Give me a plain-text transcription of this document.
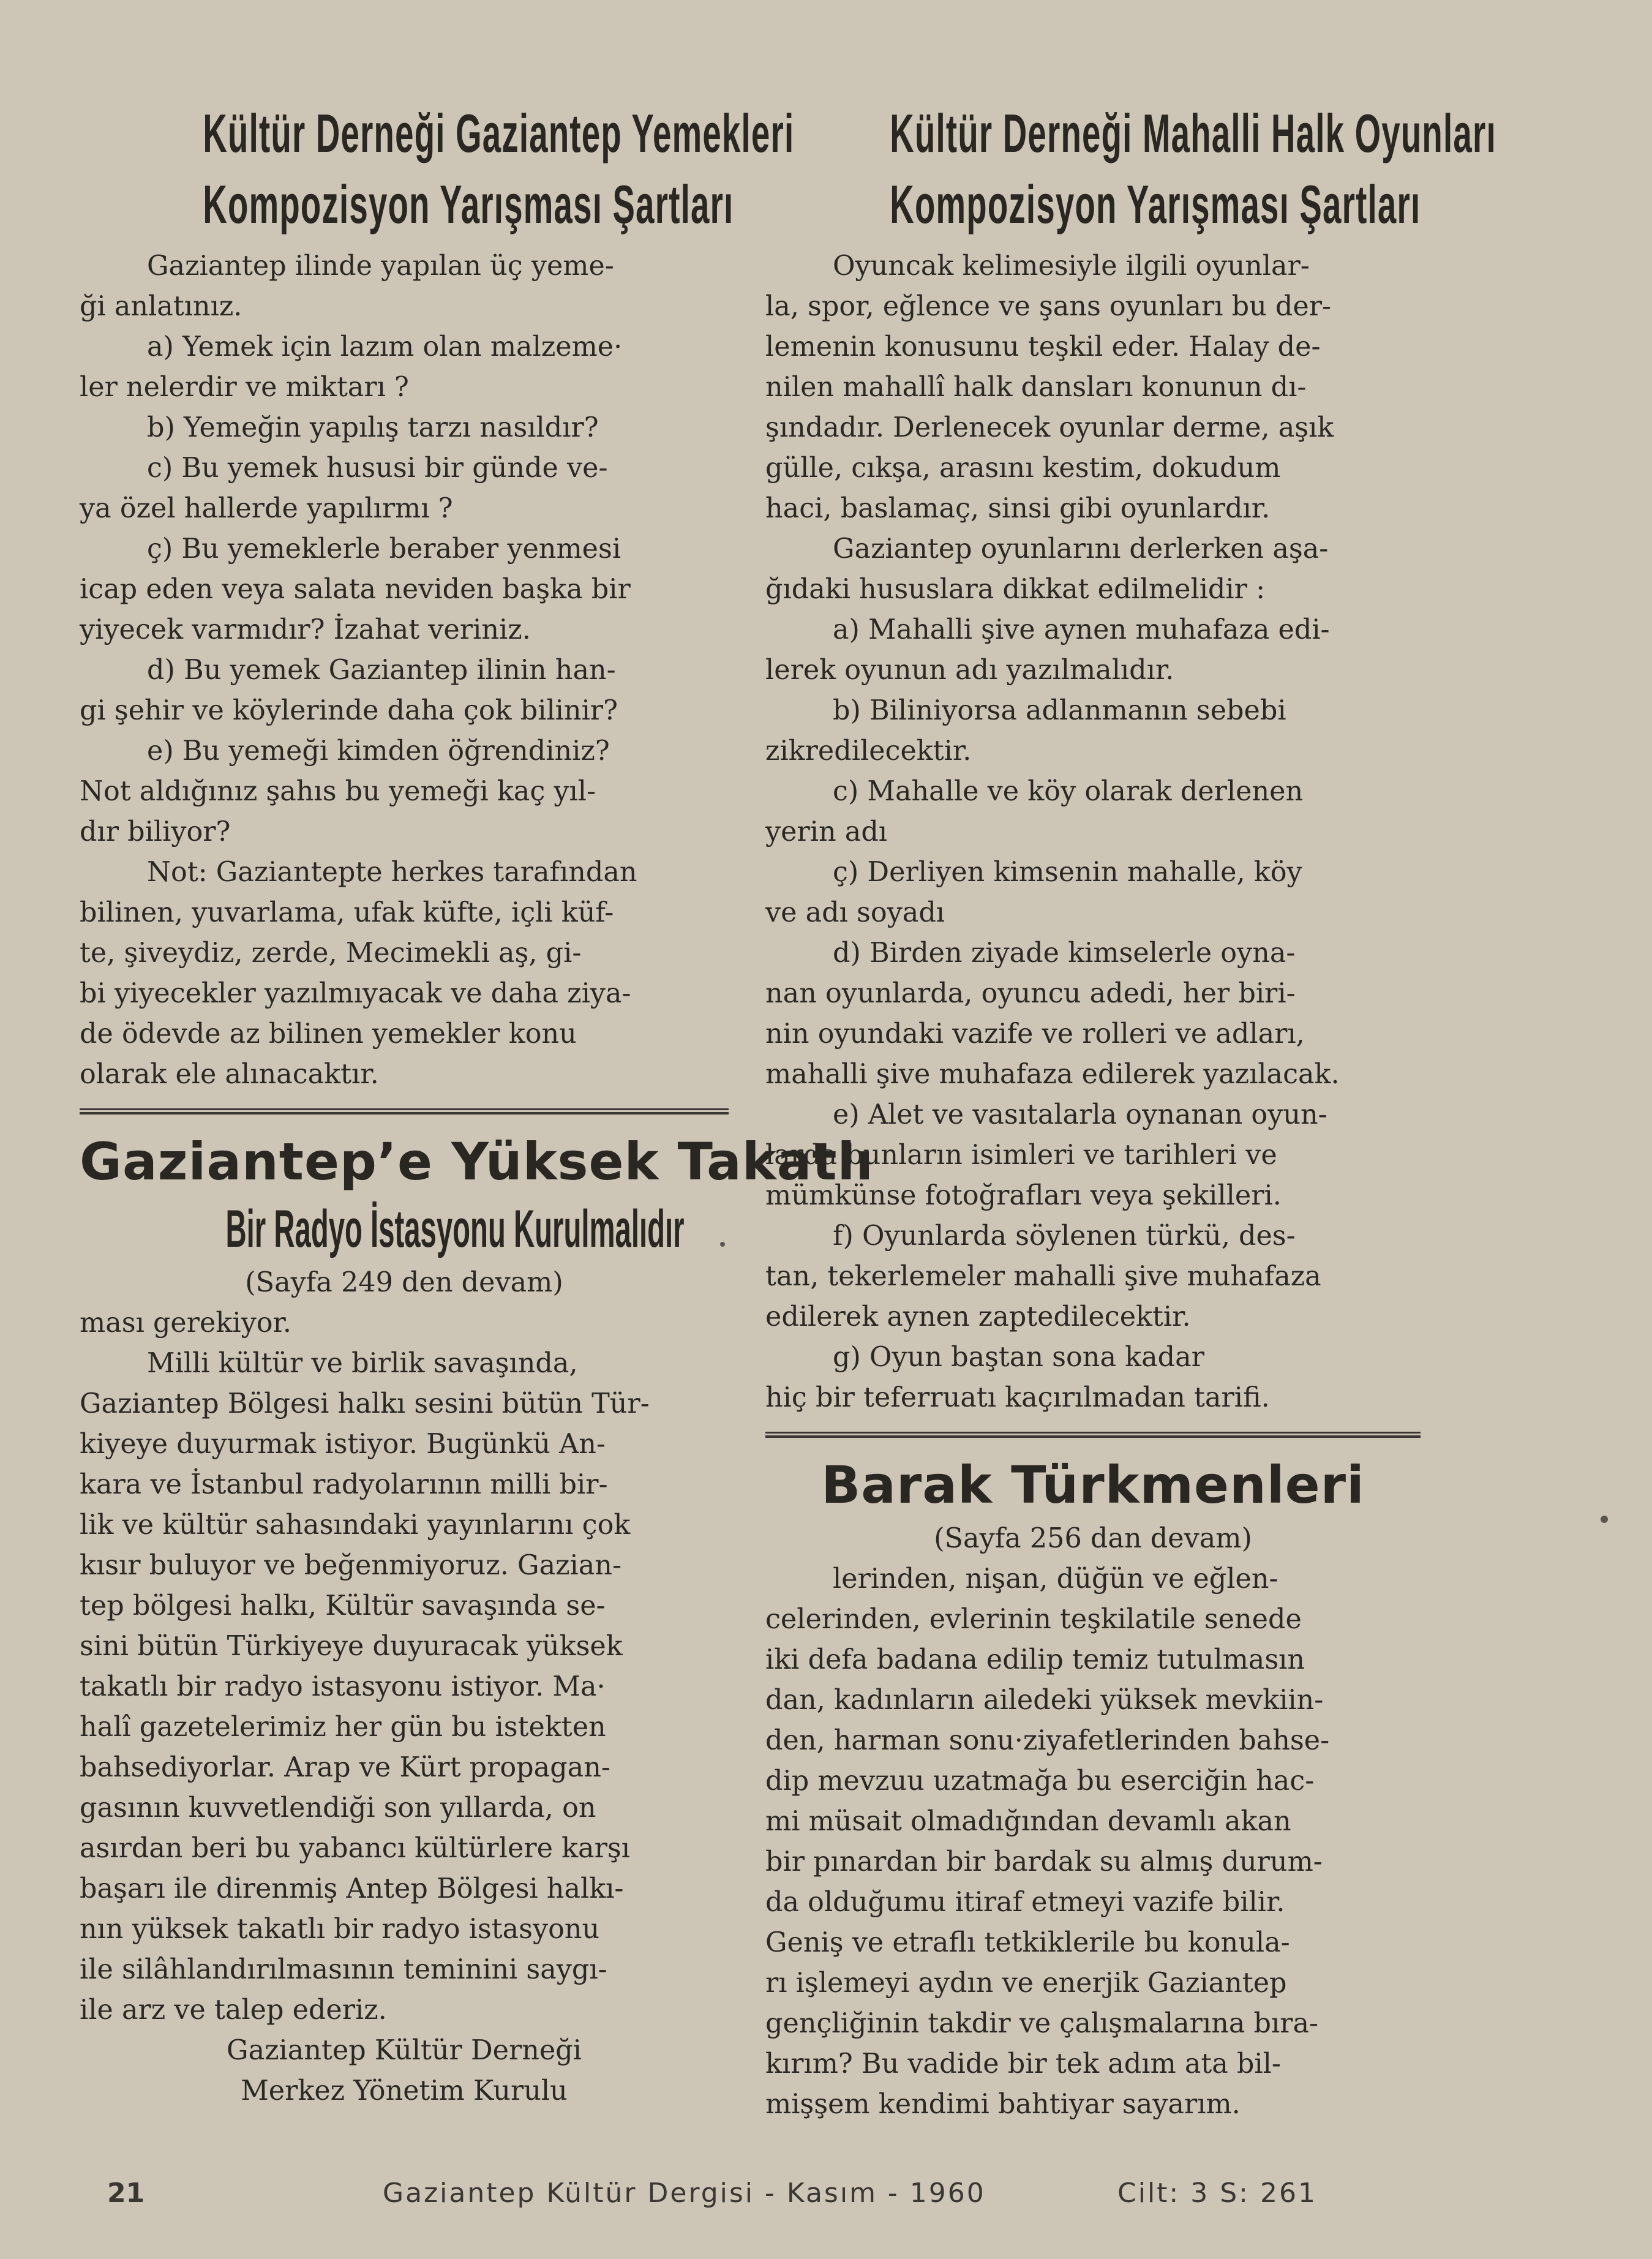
Kültür Derneği Gaziantep Yemekleri
Kompozisyon Yarışması Şartları

Gaziantep ilinde yapılan üç yeme-

ği anlatınız.

a) Yemek için lazım olan malzeme·

ler nelerdir ve miktarı ?

b) Yemeğin yapılış tarzı nasıldır?

c) Bu yemek hususi bir günde ve-

ya özel hallerde yapılırmı ?

ç) Bu yemeklerle beraber yenmesi

icap eden veya salata neviden başka bir

yiyecek varmıdır? İzahat veriniz.

d) Bu yemek Gaziantep ilinin han-

gi şehir ve köylerinde daha çok bilinir?

e) Bu yemeği kimden öğrendiniz?

Not aldığınız şahıs bu yemeği kaç yıl-

dır biliyor?

Not: Gaziantepte herkes tarafından

bilinen, yuvarlama, ufak küfte, içli küf-

te, şiveydiz, zerde, Mecimekli aş, gi-

bi yiyecekler yazılmıyacak ve daha ziya-

de ödevde az bilinen yemekler konu

olarak ele alınacaktır.

Gaziantep’e Yüksek Takatlı
Bir Radyo İstasyonu Kurulmalıdır
(Sayfa 249 den devam)

ması gerekiyor.

Milli kültür ve birlik savaşında,

Gaziantep Bölgesi halkı sesini bütün Tür-

kiyeye duyurmak istiyor. Bugünkü An-

kara ve İstanbul radyolarının milli bir-

lik ve kültür sahasındaki yayınlarını çok

kısır buluyor ve beğenmiyoruz. Gazian-

tep bölgesi halkı, Kültür savaşında se-

sini bütün Türkiyeye duyuracak yüksek

takatlı bir radyo istasyonu istiyor. Ma·

halî gazetelerimiz her gün bu istekten

bahsediyorlar. Arap ve Kürt propagan-

gasının kuvvetlendiği son yıllarda, on

asırdan beri bu yabancı kültürlere karşı

başarı ile direnmiş Antep Bölgesi halkı-

nın yüksek takatlı bir radyo istasyonu

ile silâhlandırılmasının teminini saygı-

ile arz ve talep ederiz.

Gaziantep Kültür Derneği

Merkez Yönetim Kurulu

Kültür Derneği Mahalli Halk Oyunları
Kompozisyon Yarışması Şartları

Oyuncak kelimesiyle ilgili oyunlar-

la, spor, eğlence ve şans oyunları bu der-

lemenin konusunu teşkil eder. Halay de-

nilen mahallî halk dansları konunun dı-

şındadır. Derlenecek oyunlar derme, aşık

gülle, cıkşa, arasını kestim, dokudum

haci, baslamaç, sinsi gibi oyunlardır.

Gaziantep oyunlarını derlerken aşa-

ğıdaki hususlara dikkat edilmelidir :

a) Mahalli şive aynen muhafaza edi-

lerek oyunun adı yazılmalıdır.

b) Biliniyorsa adlanmanın sebebi

zikredilecektir.

c) Mahalle ve köy olarak derlenen

yerin adı

ç) Derliyen kimsenin mahalle, köy

ve adı soyadı

d) Birden ziyade kimselerle oyna-

nan oyunlarda, oyuncu adedi, her biri-

nin oyundaki vazife ve rolleri ve adları,

mahalli şive muhafaza edilerek yazılacak.

e) Alet ve vasıtalarla oynanan oyun-

larda bunların isimleri ve tarihleri ve

mümkünse fotoğrafları veya şekilleri.

f) Oyunlarda söylenen türkü, des-

tan, tekerlemeler mahalli şive muhafaza

edilerek aynen zaptedilecektir.

g) Oyun baştan sona kadar

hiç bir teferruatı kaçırılmadan tarifi.

Barak Türkmenleri
(Sayfa 256 dan devam)

lerinden, nişan, düğün ve eğlen-

celerinden, evlerinin teşkilatile senede

iki defa badana edilip temiz tutulmasın

dan, kadınların ailedeki yüksek mevkiin-

den, harman sonu·ziyafetlerinden bahse-

dip mevzuu uzatmağa bu eserciğin hac-

mi müsait olmadığından devamlı akan

bir pınardan bir bardak su almış durum-

da olduğumu itiraf etmeyi vazife bilir.

Geniş ve etraflı tetkiklerile bu konula-

rı işlemeyi aydın ve enerjik Gaziantep

gençliğinin takdir ve çalışmalarına bıra-

kırım? Bu vadide bir tek adım ata bil-

mişşem kendimi bahtiyar sayarım.

21	Gaziantep Kültür Dergisi - Kasım - 1960	Cilt: 3 S: 261
